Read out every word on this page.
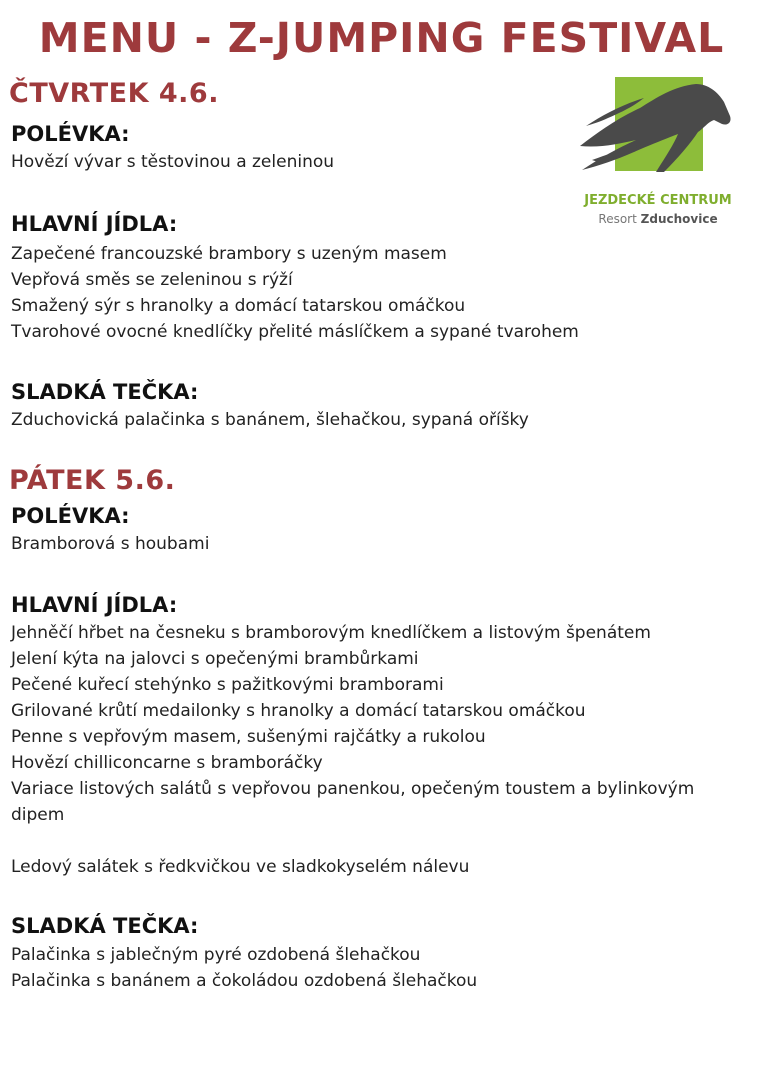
MENU - Z-JUMPING FESTIVAL
JEZDECKÉ CENTRUM
Resort Zduchovice
ČTVRTEK 4.6.
POLÉVKA:
Hovězí vývar s těstovinou a zeleninou
HLAVNÍ JÍDLA:
Zapečené francouzské brambory s uzeným masem
Vepřová směs se zeleninou s rýží
Smažený sýr s hranolky a domácí tatarskou omáčkou
Tvarohové ovocné knedlíčky přelité máslíčkem a sypané tvarohem
SLADKÁ TEČKA:
Zduchovická palačinka s banánem, šlehačkou, sypaná oříšky
PÁTEK 5.6.
POLÉVKA:
Bramborová s houbami
HLAVNÍ JÍDLA:
Jehněčí hřbet na česneku s bramborovým knedlíčkem a listovým špenátem
Jelení kýta na jalovci s opečenými brambůrkami
Pečené kuřecí stehýnko s pažitkovými bramborami
Grilované krůtí medailonky s hranolky a domácí tatarskou omáčkou
Penne s vepřovým masem, sušenými rajčátky a rukolou
Hovězí chilliconcarne s bramboráčky
Variace listových salátů s vepřovou panenkou, opečeným toustem a bylinkovým
dipem
Ledový salátek s ředkvičkou ve sladkokyselém nálevu
SLADKÁ TEČKA:
Palačinka s jablečným pyré ozdobená šlehačkou
Palačinka s banánem a čokoládou ozdobená šlehačkou
